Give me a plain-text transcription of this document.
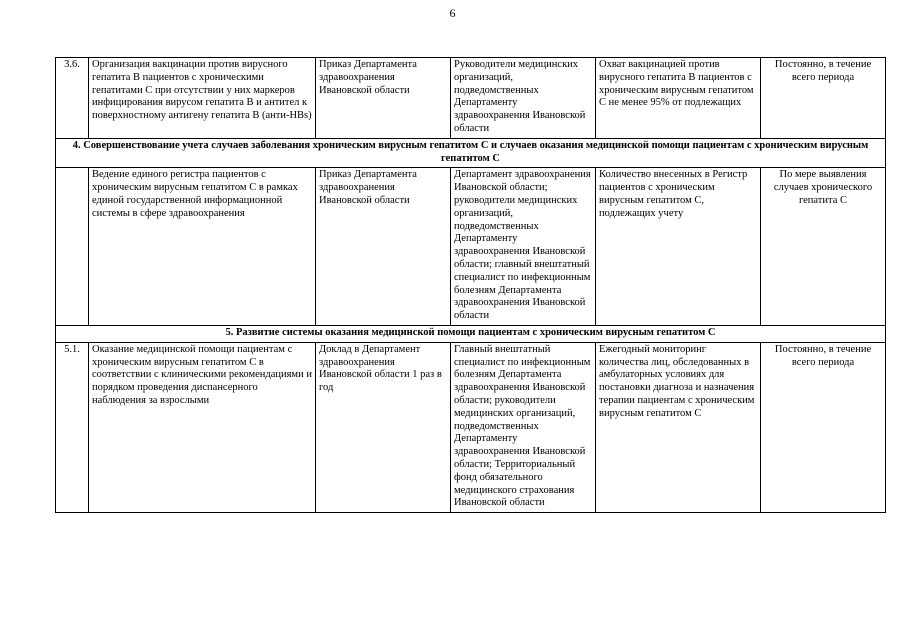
6
3.6.	Организация вакцинации против вирусного гепатита В пациентов с хроническими гепатитами С при отсутствии у них маркеров инфицирования вирусом гепатита В и антител к поверхностному антигену гепатита В (анти-HBs)	Приказ Департамента здравоохранения Ивановской области	Руководители медицинских организаций, подведомственных Департаменту здравоохранения Ивановской области	Охват вакцинацией против вирусного гепатита В пациентов с хроническим вирусным гепатитом С не менее 95% от подлежащих	Постоянно, в течение всего периода
4. Совершенствование учета случаев заболевания хроническим вирусным гепатитом С и случаев оказания медицинской помощи пациентам с хроническим вирусным гепатитом С					
	Ведение единого регистра пациентов с хроническим вирусным гепатитом С в рамках единой государственной информационной системы в сфере здравоохранения	Приказ Департамента здравоохранения Ивановской области	Департамент здравоохранения Ивановской области; руководители медицинских организаций, подведомственных Департаменту здравоохранения Ивановской области; главный внештатный специалист по инфекционным болезням Департамента здравоохранения Ивановской области	Количество внесенных в Регистр пациентов с хроническим вирусным гепатитом С, подлежащих учету	По мере выявления случаев хронического гепатита С
5. Развитие системы оказания медицинской помощи пациентам с хроническим вирусным гепатитом С					
5.1.	Оказание медицинской помощи пациентам с хроническим вирусным гепатитом С в соответствии с клиническими рекомендациями и порядком проведения диспансерного наблюдения за взрослыми	Доклад в Департамент здравоохранения Ивановской области 1 раз в год	Главный внештатный специалист по инфекционным болезням Департамента здравоохранения Ивановской области; руководители медицинских организаций, подведомственных Департаменту здравоохранения Ивановской области; Территориальный фонд обязательного медицинского страхования Ивановской области	Ежегодный мониторинг количества лиц, обследованных в амбулаторных условиях для постановки диагноза и назначения терапии пациентам с хроническим вирусным гепатитом С	Постоянно, в течение всего периода
